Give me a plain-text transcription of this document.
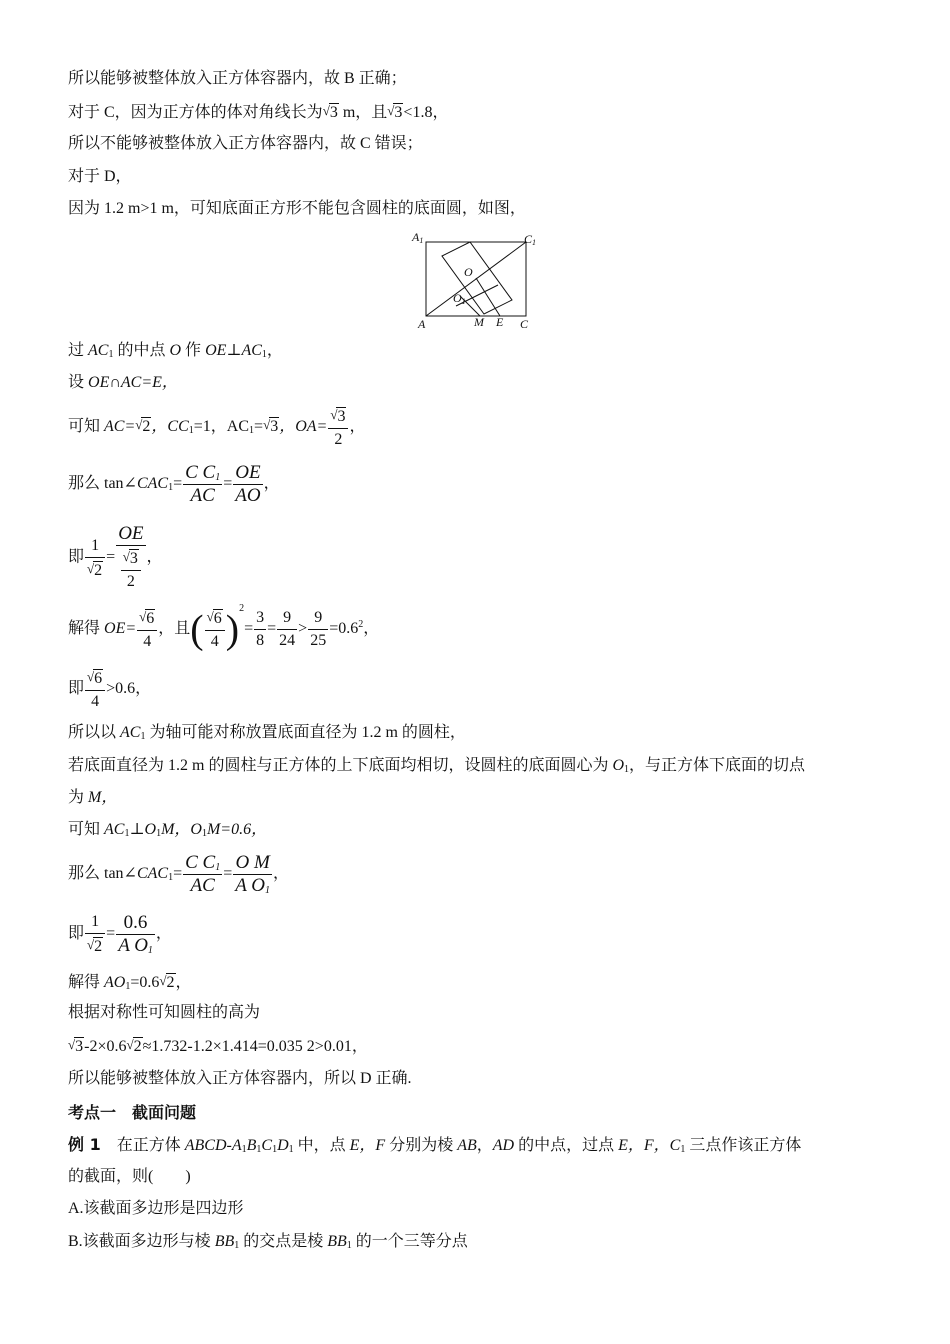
所以能够被整体放入正方体容器内，故 B 正确；
对于 C，因为正方体的体对角线长为√3 m，且√3<1.8，
所以不能够被整体放入正方体容器内，故 C 错误；
对于 D，
因为 1.2 m>1 m，可知底面正方形不能包含圆柱的底面圆，如图，
A1	C1
O
O1
A	M E C
过 $AC_1$ 的中点 O 作 $OE\perp AC_1$，
设 OE∩AC=E，
可知 AC=√2，$CC_1=1$，$AC_1=√3$，$OA= \frac{√3}{2}$ ，
那么 $\tan\angle CAC_1= \frac{C C_1}{AC} = \frac{OE}{AO}$ ，
即 $\frac{1}{√2} = \frac{OE}{\frac{√3}{2}}$ ，
解得 $OE= \frac{√6}{4}$ ，且( $\frac{√6}{4} )^2= \frac{3}{8} = \frac{9}{24} > \frac{9}{25} =0.6^2$，
即 $\frac{√6}{4} >0.6$，
所以以 $AC_1$ 为轴可能对称放置底面直径为 1.2 m 的圆柱，
若底面直径为 1.2 m 的圆柱与正方体的上下底面均相切，设圆柱的底面圆心为 $O_1$，与正方体下底面的切点
为 M，
可知 $AC_1\perp O_1M$，$O_1M=0.6$，
那么 $\tan\angle CAC_1= \frac{C C_1}{AC} = \frac{\text{O M}}{A O_1}$ ，
即 $\frac{1}{√2} = \frac{0.6}{A O_1}$ ，
解得 $AO_1=0.6√2$，
根据对称性可知圆柱的高为
√3-2×0.6√2≈1.732-1.2×1.414=0.035 2>0.01，
所以能够被整体放入正方体容器内，所以 D 正确.
考点一　截面问题
例 1　在正方体 ABCD-$A_1B_1C_1D_1$ 中，点 E，F 分别为棱 AB，AD 的中点，过点 E，F，$C_1$ 三点作该正方体
的截面，则(　　)
A.该截面多边形是四边形
B.该截面多边形与棱 $BB_1$ 的交点是棱 $BB_1$ 的一个三等分点
